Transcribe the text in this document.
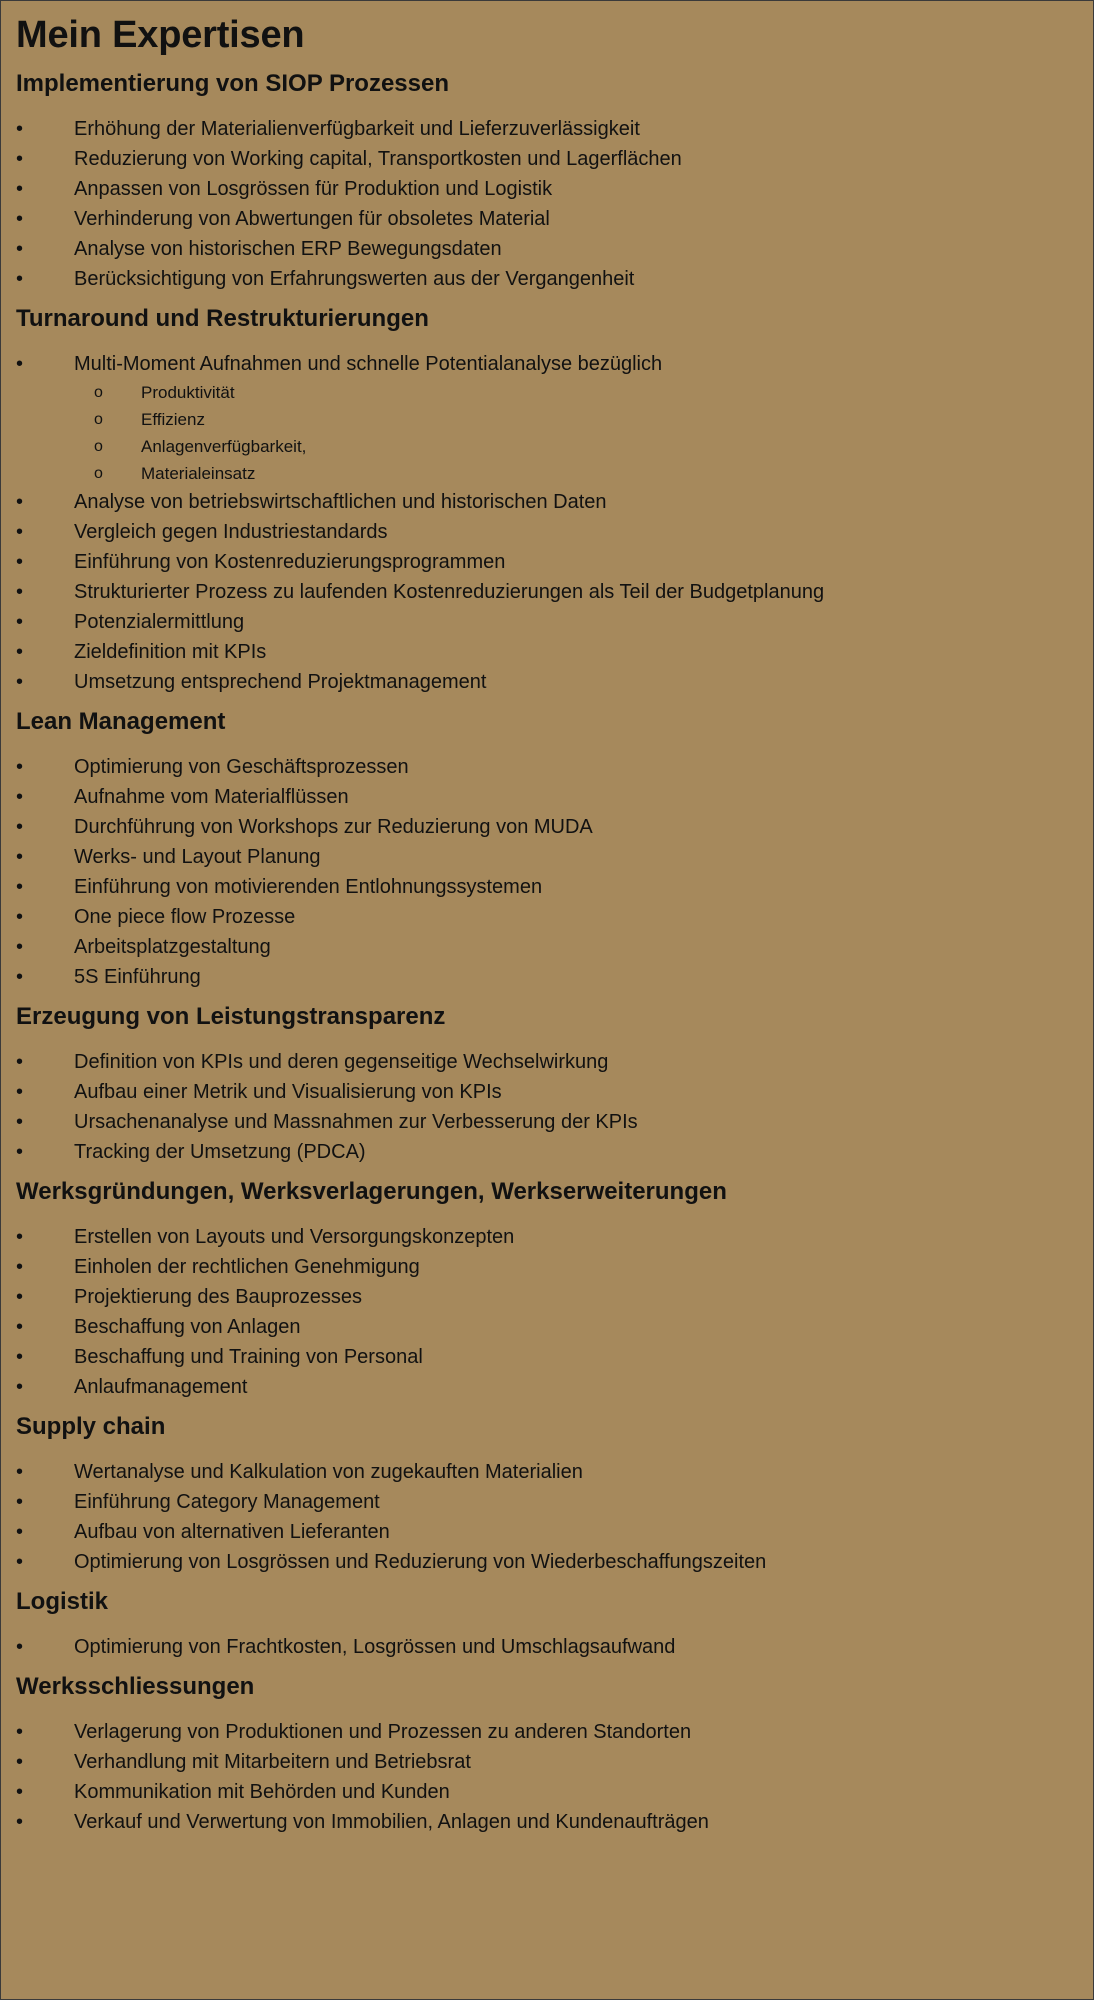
Mein Expertisen
Implementierung von SIOP Prozessen
•	Erhöhung der Materialienverfügbarkeit und Lieferzuverlässigkeit
•	Reduzierung von Working capital, Transportkosten und Lagerflächen
•	Anpassen von Losgrössen für Produktion und Logistik
•	Verhinderung von Abwertungen für obsoletes Material
•	Analyse von historischen ERP Bewegungsdaten
•	Berücksichtigung von Erfahrungswerten aus der Vergangenheit
Turnaround und Restrukturierungen
•	Multi-Moment Aufnahmen und schnelle Potentialanalyse bezüglich
o Produktivität
o Effizienz
o Anlagenverfügbarkeit,
o Materialeinsatz
•	Analyse von betriebswirtschaftlichen und historischen Daten
•	Vergleich gegen Industriestandards
•	Einführung von Kostenreduzierungsprogrammen
•	Strukturierter Prozess zu laufenden Kostenreduzierungen als Teil der Budgetplanung
•	Potenzialermittlung
•	Zieldefinition mit KPIs
•	Umsetzung entsprechend Projektmanagement
Lean Management
•	Optimierung von Geschäftsprozessen
•	Aufnahme vom Materialflüssen
•	Durchführung von Workshops zur Reduzierung von MUDA
•	Werks- und Layout Planung
•	Einführung von motivierenden Entlohnungssystemen
•	One piece flow Prozesse
•	Arbeitsplatzgestaltung
•	5S Einführung
Erzeugung von Leistungstransparenz
•	Definition von KPIs und deren gegenseitige Wechselwirkung
•	Aufbau einer Metrik und Visualisierung von KPIs
•	Ursachenanalyse und Massnahmen zur Verbesserung der KPIs
•	Tracking der Umsetzung (PDCA)
Werksgründungen, Werksverlagerungen, Werkserweiterungen
•	Erstellen von Layouts und Versorgungskonzepten
•	Einholen der rechtlichen Genehmigung
•	Projektierung des Bauprozesses
•	Beschaffung von Anlagen
•	Beschaffung und Training von Personal
•	Anlaufmanagement
Supply chain
•	Wertanalyse und Kalkulation von zugekauften Materialien
•	Einführung Category Management
•	Aufbau von alternativen Lieferanten
•	Optimierung von Losgrössen und Reduzierung von Wiederbeschaffungszeiten
Logistik
•	Optimierung von Frachtkosten, Losgrössen und Umschlagsaufwand
Werksschliessungen
•	Verlagerung von Produktionen und Prozessen zu anderen Standorten
•	Verhandlung mit Mitarbeitern und Betriebsrat
•	Kommunikation mit Behörden und Kunden
•	Verkauf und Verwertung von Immobilien, Anlagen und Kundenaufträgen
